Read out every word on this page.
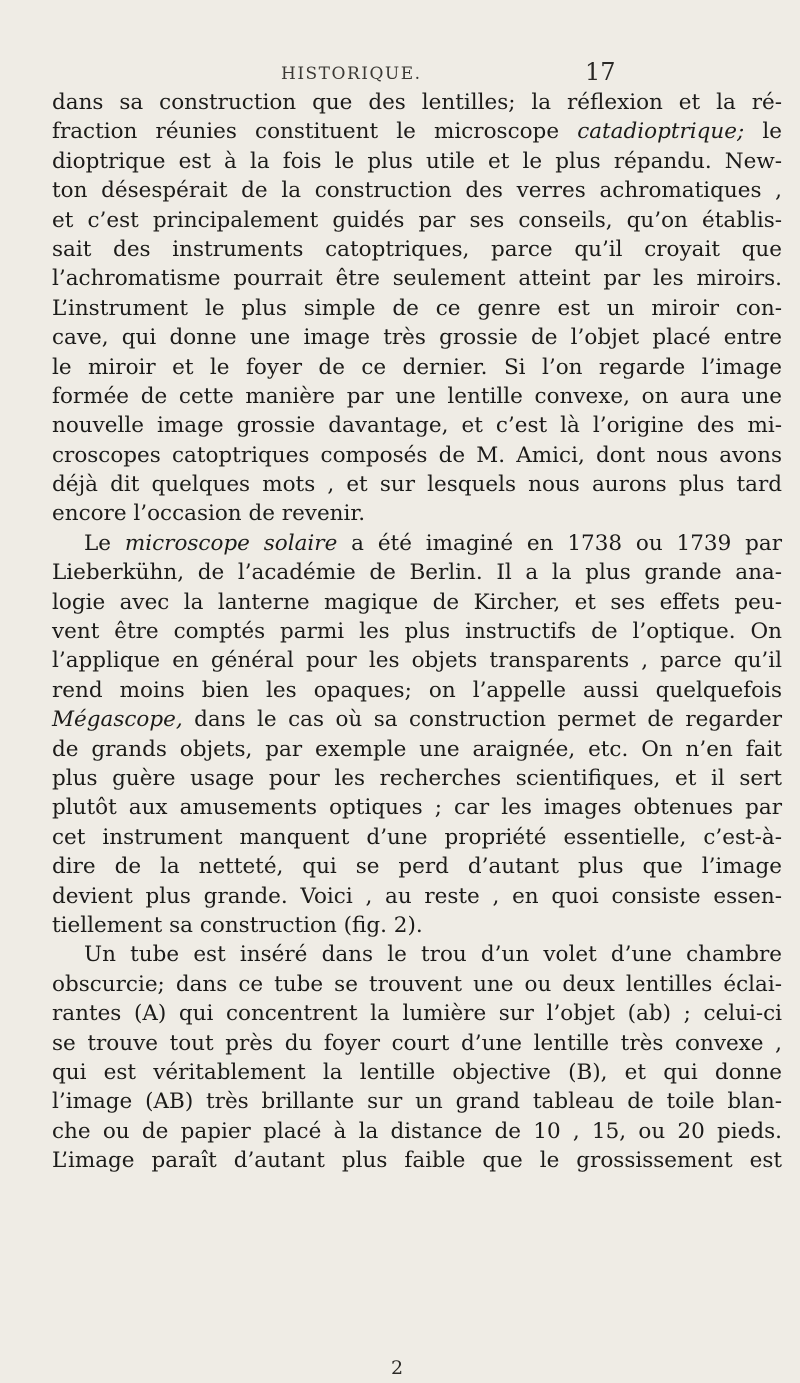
HISTORIQUE.	17
dans sa construction que des lentilles; la réflexion et la ré-
fraction réunies constituent le microscope catadioptrique; le
dioptrique est à la fois le plus utile et le plus répandu. New-
ton désespérait de la construction des verres achromatiques ,
et c’est principalement guidés par ses conseils, qu’on établis-
sait des instruments catoptriques, parce qu’il croyait que
l’achromatisme pourrait être seulement atteint par les miroirs.
L’instrument le plus simple de ce genre est un miroir con-
cave, qui donne une image très grossie de l’objet placé entre
le miroir et le foyer de ce dernier. Si l’on regarde l’image
formée de cette manière par une lentille convexe, on aura une
nouvelle image grossie davantage, et c’est là l’origine des mi-
croscopes catoptriques composés de M. Amici, dont nous avons
déjà dit quelques mots , et sur lesquels nous aurons plus tard
encore l’occasion de revenir.
Le microscope solaire a été imaginé en 1738 ou 1739 par
Lieberkühn, de l’académie de Berlin. Il a la plus grande ana-
logie avec la lanterne magique de Kircher, et ses effets peu-
vent être comptés parmi les plus instructifs de l’optique. On
l’applique en général pour les objets transparents , parce qu’il
rend moins bien les opaques; on l’appelle aussi quelquefois
Mégascope, dans le cas où sa construction permet de regarder
de grands objets, par exemple une araignée, etc. On n’en fait
plus guère usage pour les recherches scientifiques, et il sert
plutôt aux amusements optiques ; car les images obtenues par
cet instrument manquent d’une propriété essentielle, c’est-à-
dire de la netteté, qui se perd d’autant plus que l’image
devient plus grande. Voici , au reste , en quoi consiste essen-
tiellement sa construction (fig. 2).
Un tube est inséré dans le trou d’un volet d’une chambre
obscurcie; dans ce tube se trouvent une ou deux lentilles éclai-
rantes (A) qui concentrent la lumière sur l’objet (ab) ; celui-ci
se trouve tout près du foyer court d’une lentille très convexe ,
qui est véritablement la lentille objective (B), et qui donne
l’image (AB) très brillante sur un grand tableau de toile blan-
che ou de papier placé à la distance de 10 , 15, ou 20 pieds.
L’image paraît d’autant plus faible que le grossissement est
2
